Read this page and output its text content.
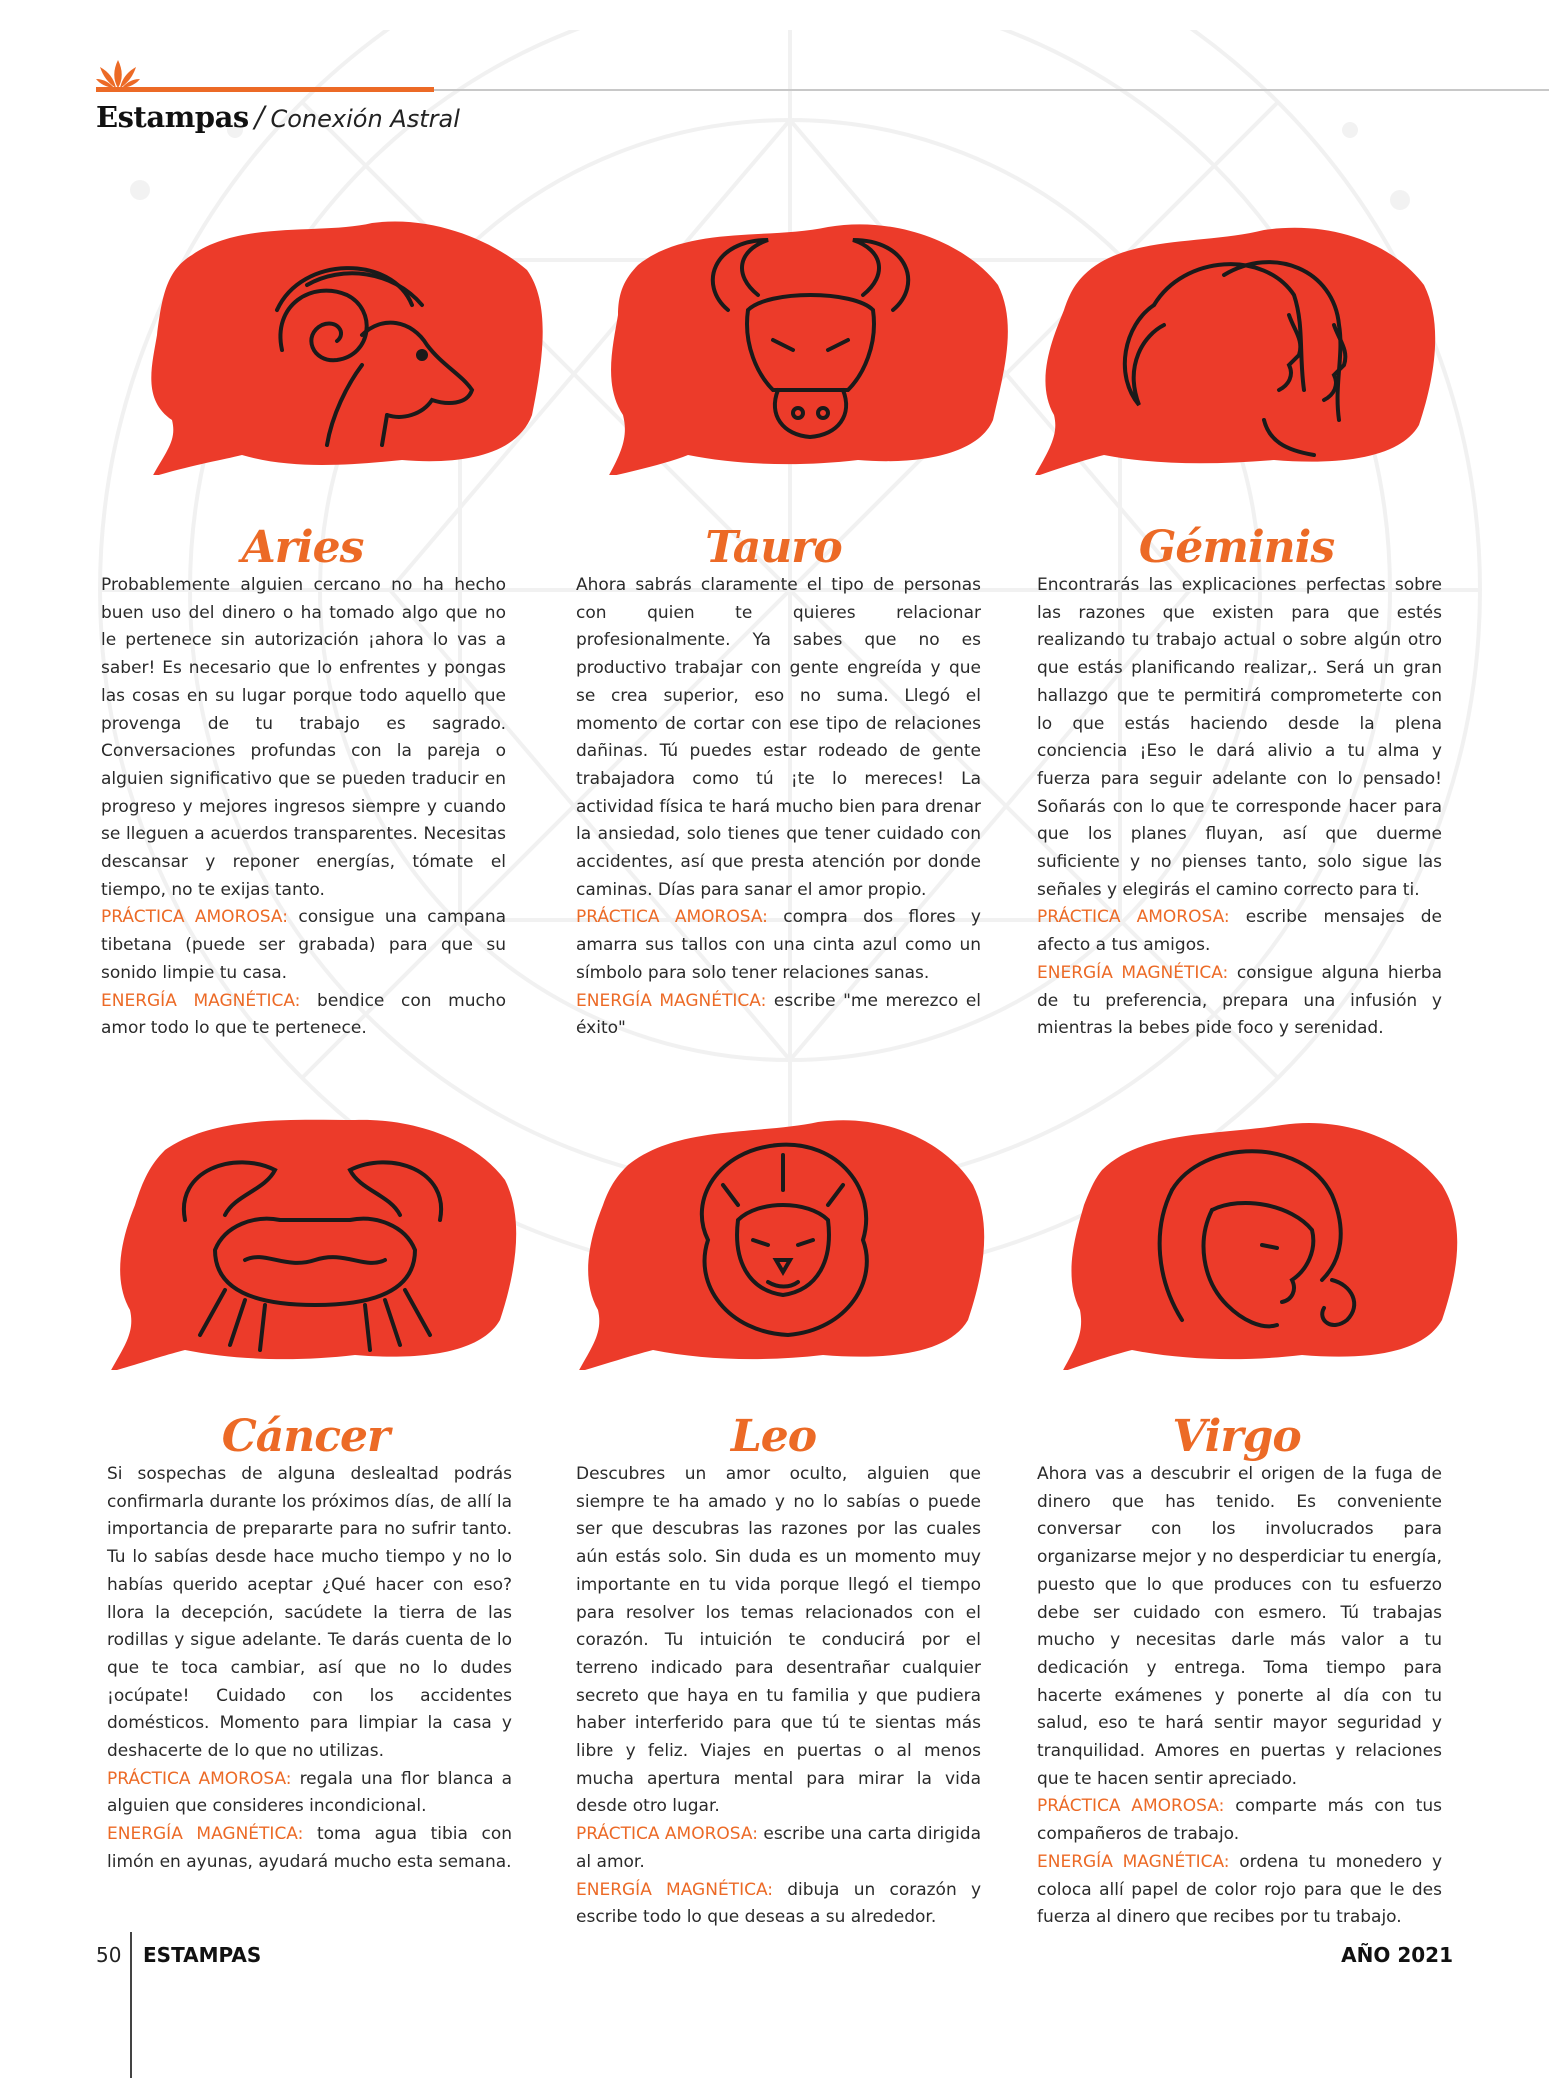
Estampas / Conexión Astral
Aries

Probablemente alguien cercano no ha hecho buen uso del dinero o ha tomado algo que no le pertenece sin autorización ¡ahora lo vas a saber! Es necesario que lo enfrentes y pongas las cosas en su lugar porque todo aquello que provenga de tu trabajo es sagrado. Conversaciones profundas con la pareja o alguien significativo que se pueden traducir en progreso y mejores ingresos siempre y cuando se lleguen a acuerdos transparentes. Necesitas descansar y reponer energías, tómate el tiempo, no te exijas tanto.

PRÁCTICA AMOROSA: consigue una campana tibetana (puede ser grabada) para que su sonido limpie tu casa.

ENERGÍA MAGNÉTICA: bendice con mucho amor todo lo que te pertenece.

Tauro

Ahora sabrás claramente el tipo de personas con quien te quieres relacionar profesionalmente. Ya sabes que no es productivo trabajar con gente engreída y que se crea superior, eso no suma. Llegó el momento de cortar con ese tipo de relaciones dañinas. Tú puedes estar rodeado de gente trabajadora como tú ¡te lo mereces! La actividad física te hará mucho bien para drenar la ansiedad, solo tienes que tener cuidado con accidentes, así que presta atención por donde caminas. Días para sanar el amor propio.

PRÁCTICA AMOROSA: compra dos flores y amarra sus tallos con una cinta azul como un símbolo para solo tener relaciones sanas.

ENERGÍA MAGNÉTICA: escribe "me merezco el éxito"

Géminis

Encontrarás las explicaciones perfectas sobre las razones que existen para que estés realizando tu trabajo actual o sobre algún otro que estás planificando realizar,. Será un gran hallazgo que te permitirá comprometerte con lo que estás haciendo desde la plena conciencia ¡Eso le dará alivio a tu alma y fuerza para seguir adelante con lo pensado! Soñarás con lo que te corresponde hacer para que los planes fluyan, así que duerme suficiente y no pienses tanto, solo sigue las señales y elegirás el camino correcto para ti.

PRÁCTICA AMOROSA: escribe mensajes de afecto a tus amigos.

ENERGÍA MAGNÉTICA: consigue alguna hierba de tu preferencia, prepara una infusión y mientras la bebes pide foco y serenidad.

Cáncer

Si sospechas de alguna deslealtad podrás confirmarla durante los próximos días, de allí la importancia de prepararte para no sufrir tanto. Tu lo sabías desde hace mucho tiempo y no lo habías querido aceptar ¿Qué hacer con eso? llora la decepción, sacúdete la tierra de las rodillas y sigue adelante. Te darás cuenta de lo que te toca cambiar, así que no lo dudes ¡ocúpate! Cuidado con los accidentes domésticos. Momento para limpiar la casa y deshacerte de lo que no utilizas.

PRÁCTICA AMOROSA: regala una flor blanca a alguien que consideres incondicional.

ENERGÍA MAGNÉTICA: toma agua tibia con limón en ayunas, ayudará mucho esta semana.

Leo

Descubres un amor oculto, alguien que siempre te ha amado y no lo sabías o puede ser que descubras las razones por las cuales aún estás solo. Sin duda es un momento muy importante en tu vida porque llegó el tiempo para resolver los temas relacionados con el corazón. Tu intuición te conducirá por el terreno indicado para desentrañar cualquier secreto que haya en tu familia y que pudiera haber interferido para que tú te sientas más libre y feliz. Viajes en puertas o al menos mucha apertura mental para mirar la vida desde otro lugar.

PRÁCTICA AMOROSA: escribe una carta dirigida al amor.

ENERGÍA MAGNÉTICA: dibuja un corazón y escribe todo lo que deseas a su alrededor.

Virgo

Ahora vas a descubrir el origen de la fuga de dinero que has tenido. Es conveniente conversar con los involucrados para organizarse mejor y no desperdiciar tu energía, puesto que lo que produces con tu esfuerzo debe ser cuidado con esmero. Tú trabajas mucho y necesitas darle más valor a tu dedicación y entrega. Toma tiempo para hacerte exámenes y ponerte al día con tu salud, eso te hará sentir mayor seguridad y tranquilidad. Amores en puertas y relaciones que te hacen sentir apreciado.

PRÁCTICA AMOROSA: comparte más con tus compañeros de trabajo.

ENERGÍA MAGNÉTICA: ordena tu monedero y coloca allí papel de color rojo para que le des fuerza al dinero que recibes por tu trabajo.

50 ESTAMPAS	AÑO 2021
